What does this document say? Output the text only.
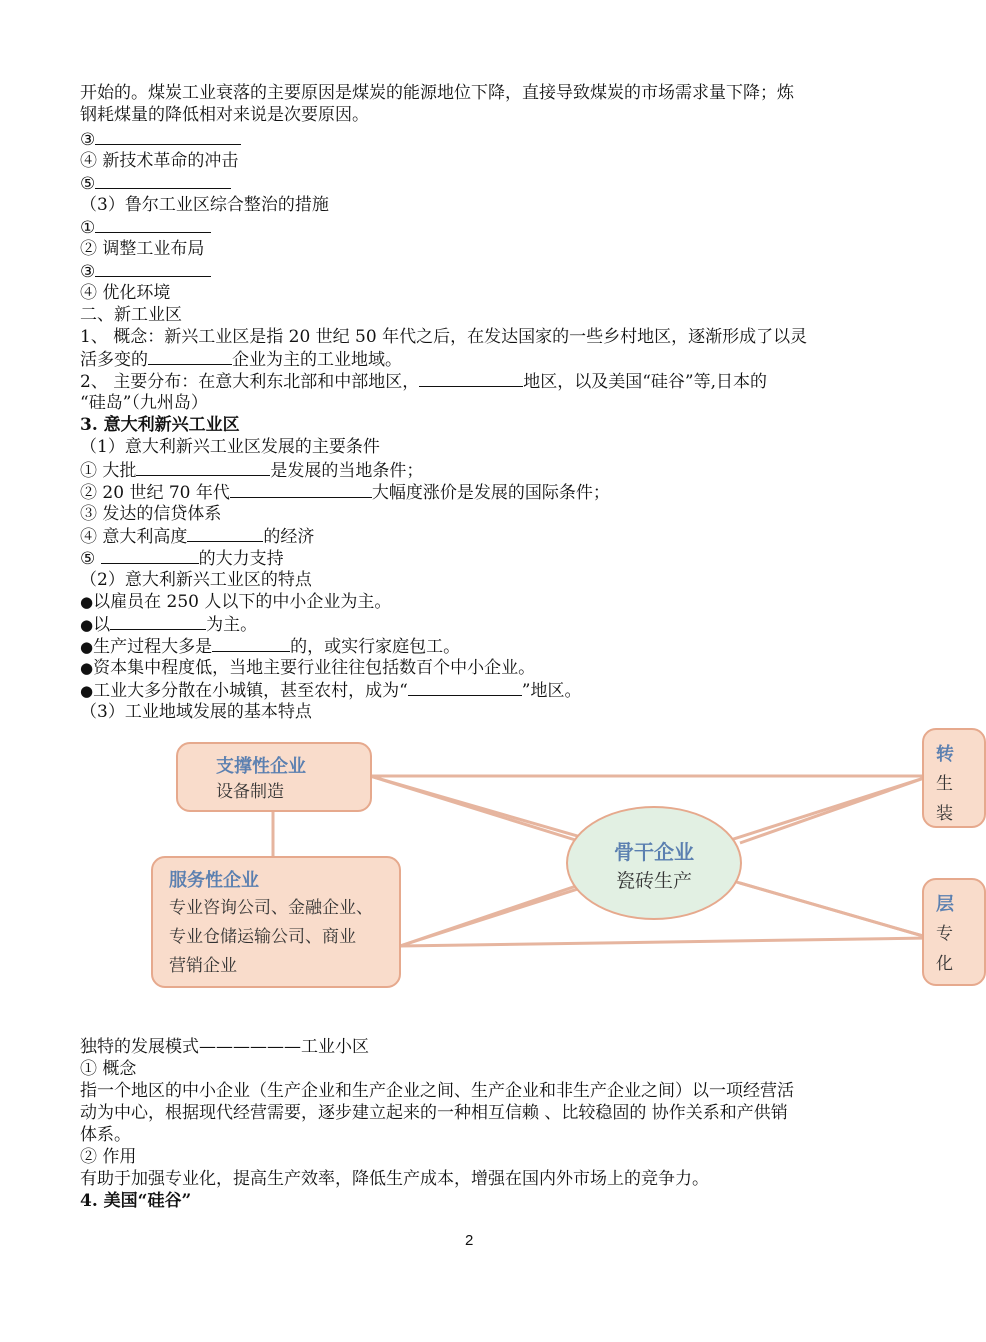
开始的。煤炭工业衰落的主要原因是煤炭的能源地位下降，直接导致煤炭的市场需求量下降；炼
钢耗煤量的降低相对来说是次要原因。
③
④ 新技术革命的冲击
⑤
（3）鲁尔工业区综合整治的措施
①
② 调整工业布局
③
④ 优化环境
二、新工业区
1、 概念：新兴工业区是指 20 世纪 50 年代之后，在发达国家的一些乡村地区，逐渐形成了以灵
活多变的	企业为主的工业地域。
2、 主要分布：在意大利东北部和中部地区，	地区，以及美国“硅谷”等,日本的
“硅岛”（九州岛）
3. 意大利新兴工业区
（1）意大利新兴工业区发展的主要条件
① 大批	是发展的当地条件；
② 20 世纪 70 年代	大幅度涨价是发展的国际条件；
③ 发达的信贷体系
④ 意大利高度	的经济
⑤	的大力支持
（2）意大利新兴工业区的特点
●以雇员在 250 人以下的中小企业为主。
●以	为主。
●生产过程大多是	的，或实行家庭包工。
●资本集中程度低，当地主要行业往往包括数百个中小企业。
●工业大多分散在小城镇，甚至农村，成为“	”地区。
（3）工业地域发展的基本特点
支撑性企业
设备制造
服务性企业
专业咨询公司、金融企业、
专业仓储运输公司、商业
营销企业
骨干企业
瓷砖生产
转
生
装
层
专
化
独特的发展模式——————工业小区
① 概念
指一个地区的中小企业（生产企业和生产企业之间、生产企业和非生产企业之间）以一项经营活
动为中心，根据现代经营需要，逐步建立起来的一种相互信赖 、比较稳固的 协作关系和产供销
体系。
② 作用
有助于加强专业化，提高生产效率，降低生产成本，增强在国内外市场上的竞争力。
4. 美国“硅谷”
2
